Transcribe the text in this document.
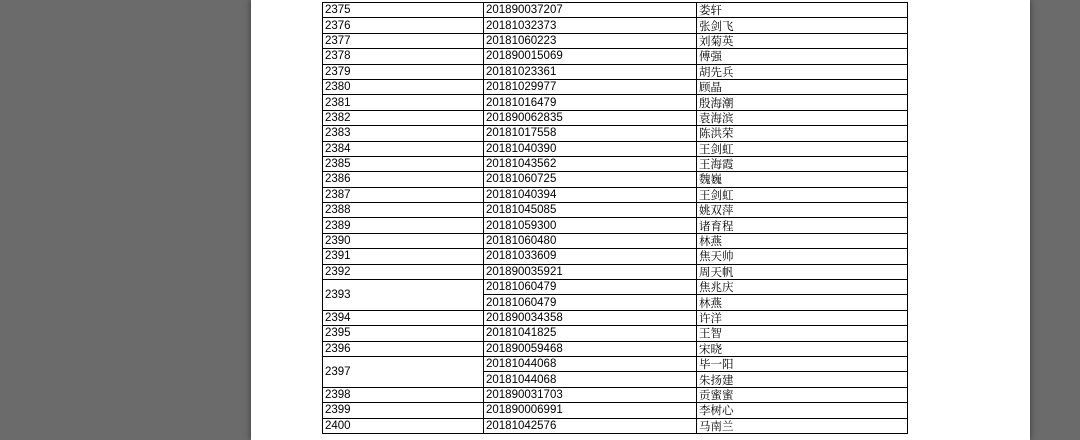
2375	201890037207	娄轩
2376	20181032373	张剑飞
2377	20181060223	刘菊英
2378	201890015069	傅强
2379	20181023361	胡先兵
2380	20181029977	顾晶
2381	20181016479	殷海潮
2382	201890062835	袁海滨
2383	20181017558	陈洪荣
2384	20181040390	王剑虹
2385	20181043562	王海霞
2386	20181060725	魏巍
2387	20181040394	王剑虹
2388	20181045085	姚双萍
2389	20181059300	诸育程
2390	20181060480	林燕
2391	20181033609	焦天帅
2392	201890035921	周天帆
2393	20181060479	焦兆庆
	20181060479	林燕
2394	201890034358	许洋
2395	20181041825	王智
2396	201890059468	宋晓
2397	20181044068	毕一阳
	20181044068	朱扬建
2398	201890031703	贡蜜蜜
2399	201890006991	李树心
2400	20181042576	马南兰
